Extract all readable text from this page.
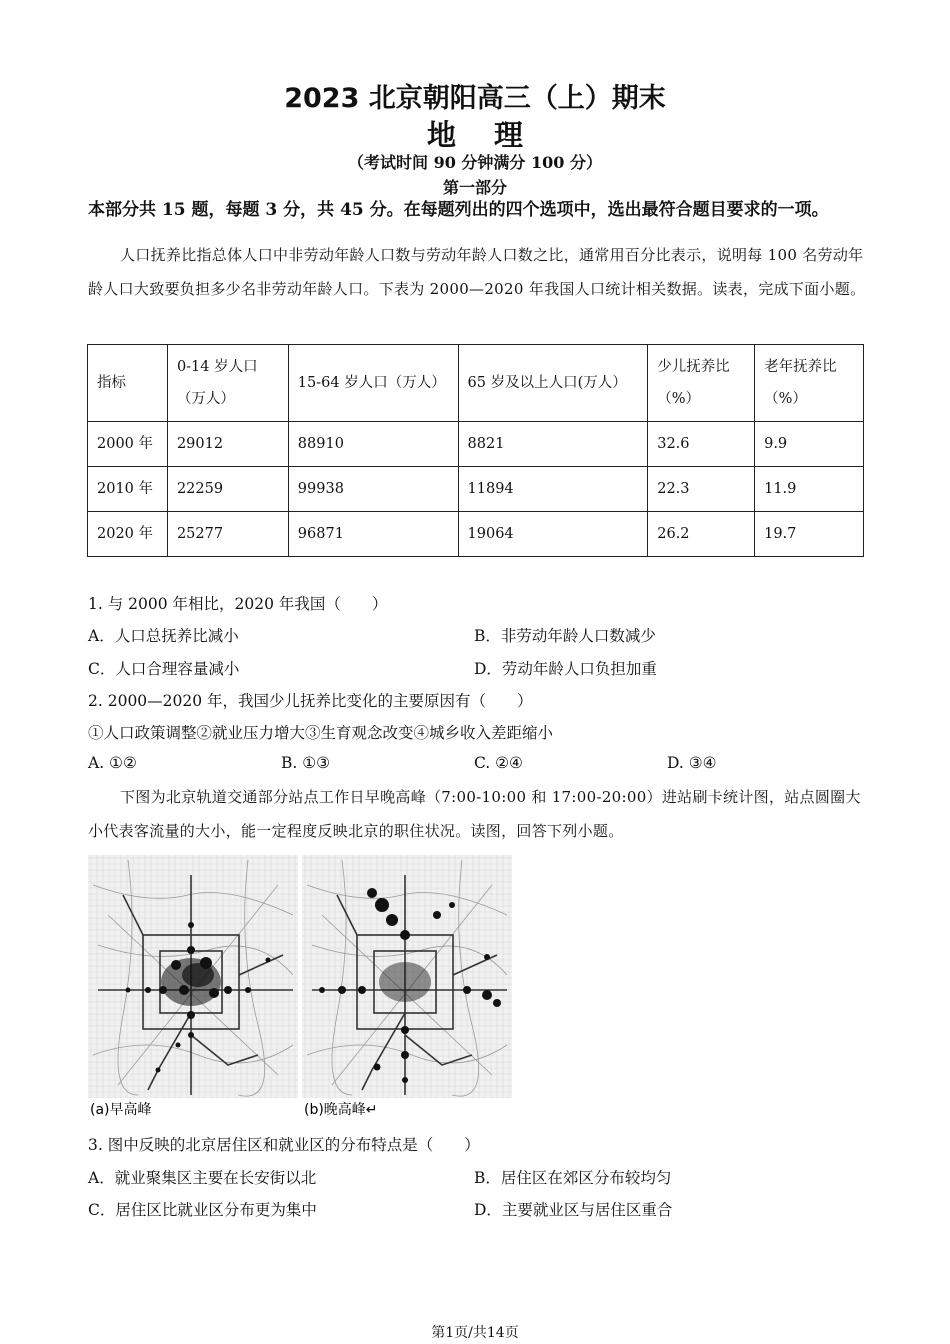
2023 北京朝阳高三（上）期末
地理
（考试时间 90 分钟满分 100 分）
第一部分
本部分共 15 题，每题 3 分，共 45 分。在每题列出的四个选项中，选出最符合题目要求的一项。
人口抚养比指总体人口中非劳动年龄人口数与劳动年龄人口数之比，通常用百分比表示，说明每 100 名劳动年龄人口大致要负担多少名非劳动年龄人口。下表为 2000—2020 年我国人口统计相关数据。读表，完成下面小题。
指标	0-14 岁人口（万人）	15-64 岁人口（万人）	65 岁及以上人口(万人）	少儿抚养比（%）	老年抚养比（%）
2000 年	29012	88910	8821	32.6	9.9
2010 年	22259	99938	11894	22.3	11.9
2020 年	25277	96871	19064	26.2	19.7
1. 与 2000 年相比，2020 年我国（　　）
A．人口总抚养比减小	B．非劳动年龄人口数减少
C．人口合理容量减小	D．劳动年龄人口负担加重
2. 2000—2020 年，我国少儿抚养比变化的主要原因有（　　）
①人口政策调整②就业压力增大③生育观念改变④城乡收入差距缩小
A. ①②	B. ①③	C. ②④	D. ③④
下图为北京轨道交通部分站点工作日早晚高峰（7:00-10:00 和 17:00-20:00）进站刷卡统计图，站点圆圈大小代表客流量的大小，能一定程度反映北京的职住状况。读图，回答下列小题。
(a)早高峰	(b)晚高峰↵
3. 图中反映的北京居住区和就业区的分布特点是（　　）
A．就业聚集区主要在长安街以北	B．居住区在郊区分布较均匀
C．居住区比就业区分布更为集中	D．主要就业区与居住区重合
第1页/共14页
